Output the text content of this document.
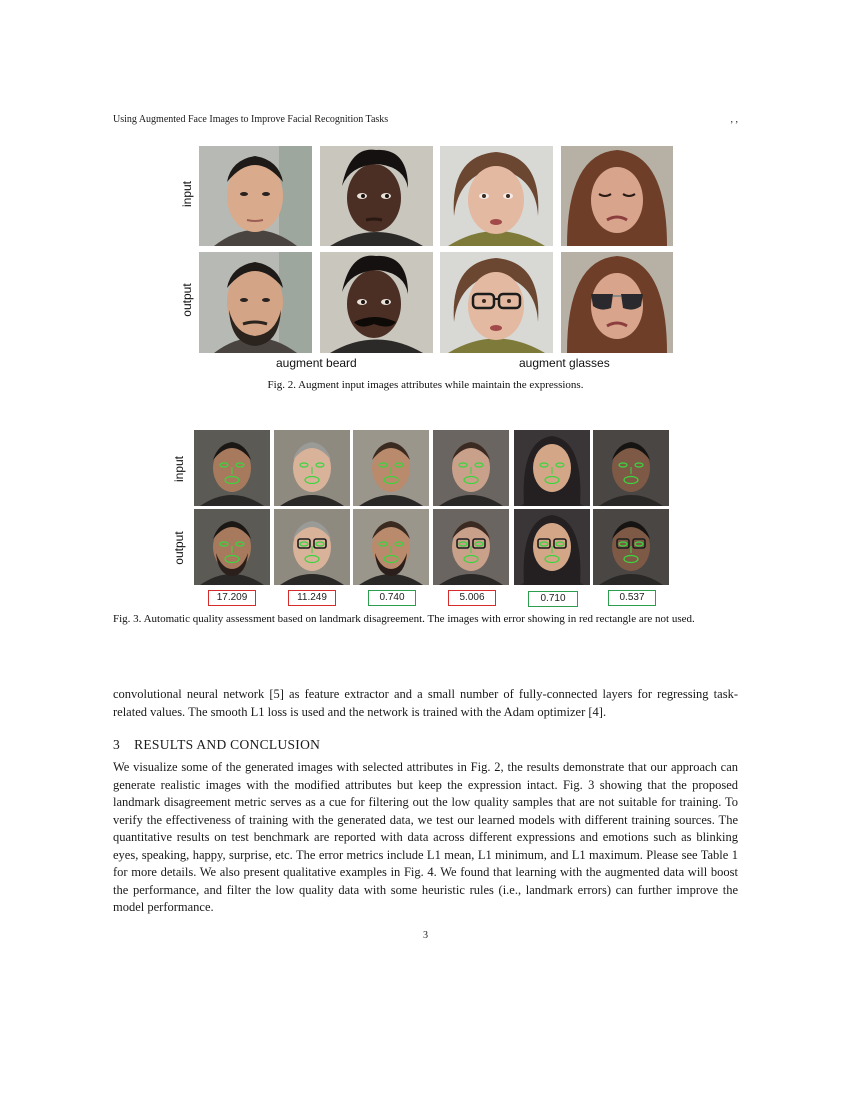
Using Augmented Face Images to Improve Facial Recognition Tasks	, ,
input
output
augment beard	augment glasses
Fig. 2. Augment input images attributes while maintain the expressions.
input
output
17.209	11.249	0.740	5.006	0.710	0.537
Fig. 3. Automatic quality assessment based on landmark disagreement. The images with error showing in red rectangle are not used.
convolutional neural network [5] as feature extractor and a small number of fully-connected layers for regressing task-related values. The smooth L1 loss is used and the network is trained with the Adam optimizer [4].
3 RESULTS AND CONCLUSION
We visualize some of the generated images with selected attributes in Fig. 2, the results demonstrate that our approach can generate realistic images with the modified attributes but keep the expression intact. Fig. 3 showing that the proposed landmark disagreement metric serves as a cue for filtering out the low quality samples that are not suitable for training. To verify the effectiveness of training with the generated data, we test our learned models with different training sources. The quantitative results on test benchmark are reported with data across different expressions and emotions such as blinking eyes, speaking, happy, surprise, etc. The error metrics include L1 mean, L1 minimum, and L1 maximum. Please see Table 1 for more details. We also present qualitative examples in Fig. 4. We found that learning with the augmented data will boost the performance, and filter the low quality data with some heuristic rules (i.e., landmark errors) can further improve the model performance.
3
